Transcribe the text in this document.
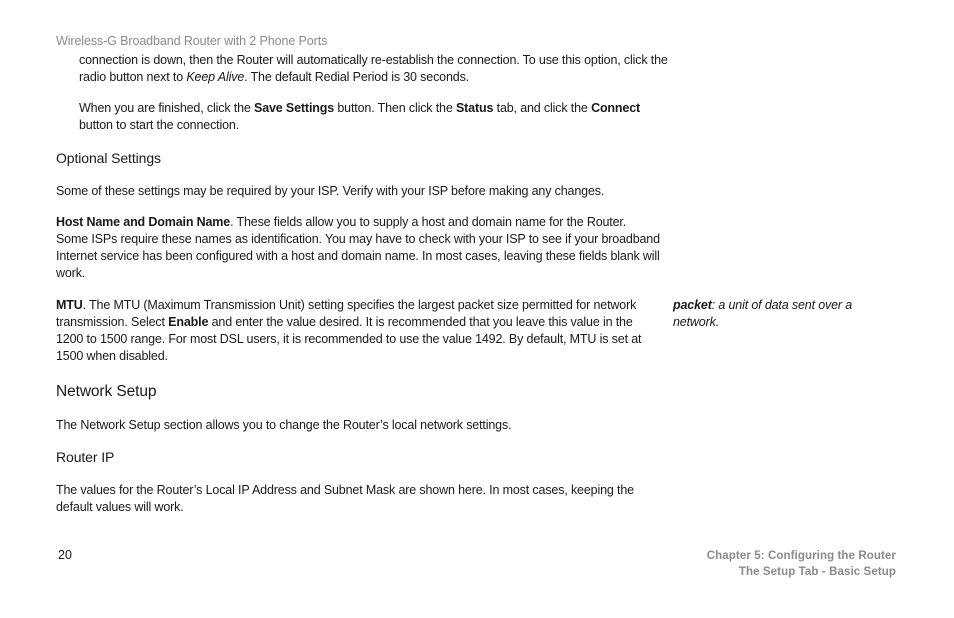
Wireless-G Broadband Router with 2 Phone Ports
connection is down, then the Router will automatically re-establish the connection. To use this option, click the radio button next to Keep Alive. The default Redial Period is 30 seconds.
When you are finished, click the Save Settings button. Then click the Status tab, and click the Connect button to start the connection.
Optional Settings
Some of these settings may be required by your ISP. Verify with your ISP before making any changes.
Host Name and Domain Name. These fields allow you to supply a host and domain name for the Router. Some ISPs require these names as identification. You may have to check with your ISP to see if your broadband Internet service has been configured with a host and domain name. In most cases, leaving these fields blank will work.
MTU. The MTU (Maximum Transmission Unit) setting specifies the largest packet size permitted for network transmission. Select Enable and enter the value desired. It is recommended that you leave this value in the 1200 to 1500 range. For most DSL users, it is recommended to use the value 1492. By default, MTU is set at 1500 when disabled.
Network Setup
The Network Setup section allows you to change the Router’s local network settings.
Router IP
The values for the Router’s Local IP Address and Subnet Mask are shown here. In most cases, keeping the default values will work.
packet: a unit of data sent over a network.
20	Chapter 5: Configuring the Router
The Setup Tab - Basic Setup
